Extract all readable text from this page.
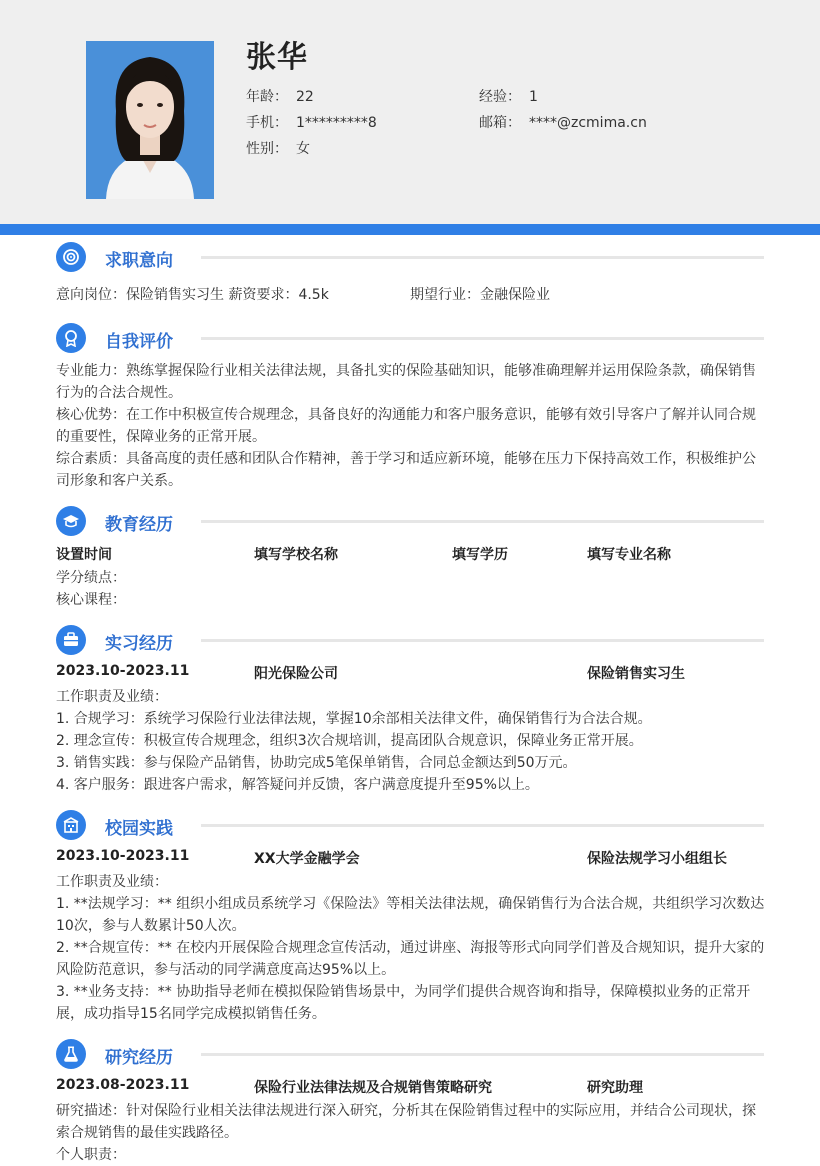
张华
年龄： 22	经验： 1
手机： 1*********8	邮箱： ****@zcmima.cn
性别： 女
求职意向
意向岗位：保险销售实习生 薪资要求：4.5k	期望行业：金融保险业
自我评价
专业能力：熟练掌握保险行业相关法律法规，具备扎实的保险基础知识，能够准确理解并运用保险条款，确保销售行为的合法合规性。
核心优势：在工作中积极宣传合规理念，具备良好的沟通能力和客户服务意识，能够有效引导客户了解并认同合规的重要性，保障业务的正常开展。
综合素质：具备高度的责任感和团队合作精神，善于学习和适应新环境，能够在压力下保持高效工作，积极维护公司形象和客户关系。
教育经历
设置时间	填写学校名称	填写学历	填写专业名称
学分绩点：
核心课程：
实习经历
2023.10-2023.11	阳光保险公司	保险销售实习生
工作职责及业绩：
1. 合规学习：系统学习保险行业法律法规，掌握10余部相关法律文件，确保销售行为合法合规。
2. 理念宣传：积极宣传合规理念，组织3次合规培训，提高团队合规意识，保障业务正常开展。
3. 销售实践：参与保险产品销售，协助完成5笔保单销售，合同总金额达到50万元。
4. 客户服务：跟进客户需求，解答疑问并反馈，客户满意度提升至95%以上。
校园实践
2023.10-2023.11	XX大学金融学会	保险法规学习小组组长
工作职责及业绩：
1. **法规学习：** 组织小组成员系统学习《保险法》等相关法律法规，确保销售行为合法合规，共组织学习次数达10次，参与人数累计50人次。
2. **合规宣传：** 在校内开展保险合规理念宣传活动，通过讲座、海报等形式向同学们普及合规知识，提升大家的风险防范意识，参与活动的同学满意度高达95%以上。
3. **业务支持：** 协助指导老师在模拟保险销售场景中，为同学们提供合规咨询和指导，保障模拟业务的正常开展，成功指导15名同学完成模拟销售任务。
研究经历
2023.08-2023.11	保险行业法律法规及合规销售策略研究	研究助理
研究描述：针对保险行业相关法律法规进行深入研究，分析其在保险销售过程中的实际应用，并结合公司现状，探索合规销售的最佳实践路径。
个人职责：
